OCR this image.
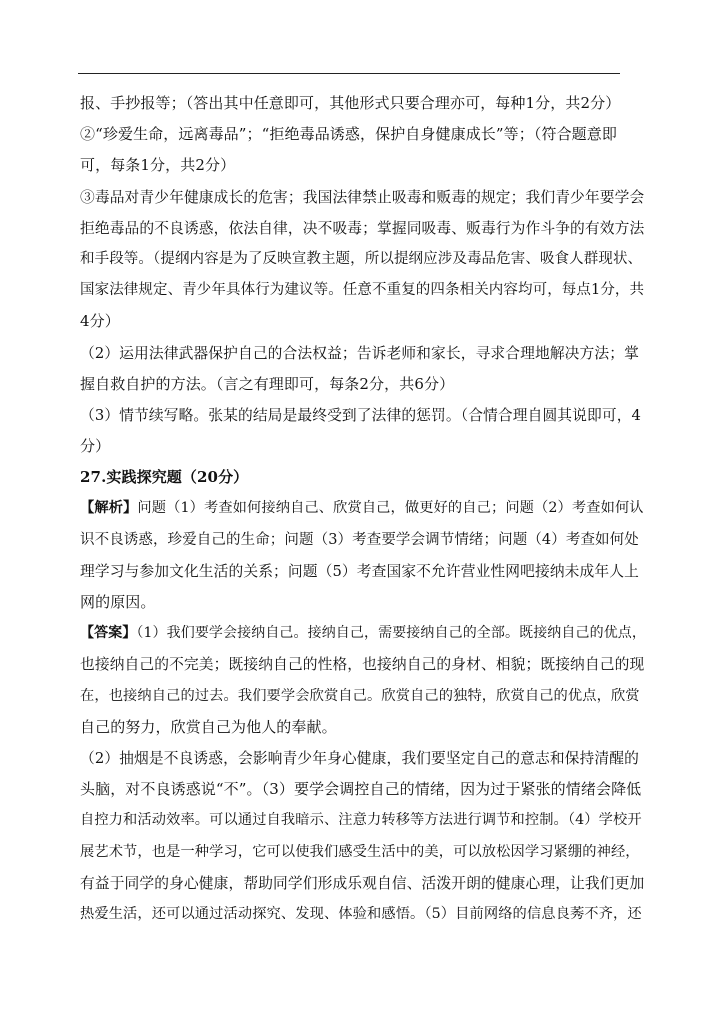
报、手抄报等；（答出其中任意即可，其他形式只要合理亦可，每种1分，共2分）
②“珍爱生命，远离毒品”；“拒绝毒品诱惑，保护自身健康成长”等；（符合题意即
可，每条1分，共2分）
③毒品对青少年健康成长的危害；我国法律禁止吸毒和贩毒的规定；我们青少年要学会
拒绝毒品的不良诱惑，依法自律，决不吸毒；掌握同吸毒、贩毒行为作斗争的有效方法
和手段等。（提纲内容是为了反映宣教主题，所以提纲应涉及毒品危害、吸食人群现状、
国家法律规定、青少年具体行为建议等。任意不重复的四条相关内容均可，每点1分，共
4分）
（2）运用法律武器保护自己的合法权益；告诉老师和家长，寻求合理地解决方法；掌
握自救自护的方法。（言之有理即可，每条2分，共6分）
（3）情节续写略。张某的结局是最终受到了法律的惩罚。（合情合理自圆其说即可，4
分）
27.实践探究题（20分）
【解析】问题（1）考查如何接纳自己、欣赏自己，做更好的自己；问题（2）考查如何认
识不良诱惑，珍爱自己的生命；问题（3）考查要学会调节情绪；问题（4）考查如何处
理学习与参加文化生活的关系；问题（5）考查国家不允许营业性网吧接纳未成年人上
网的原因。
【答案】（1）我们要学会接纳自己。接纳自己，需要接纳自己的全部。既接纳自己的优点，
也接纳自己的不完美；既接纳自己的性格，也接纳自己的身材、相貌；既接纳自己的现
在，也接纳自己的过去。我们要学会欣赏自己。欣赏自己的独特，欣赏自己的优点，欣赏
自己的努力，欣赏自己为他人的奉献。
（2）抽烟是不良诱惑，会影响青少年身心健康，我们要坚定自己的意志和保持清醒的
头脑，对不良诱惑说“不”。（3）要学会调控自己的情绪，因为过于紧张的情绪会降低
自控力和活动效率。可以通过自我暗示、注意力转移等方法进行调节和控制。（4）学校开
展艺术节，也是一种学习，它可以使我们感受生活中的美，可以放松因学习紧绷的神经，
有益于同学的身心健康，帮助同学们形成乐观自信、活泼开朗的健康心理，让我们更加
热爱生活，还可以通过活动探究、发现、体验和感悟。（5）目前网络的信息良莠不齐，还
